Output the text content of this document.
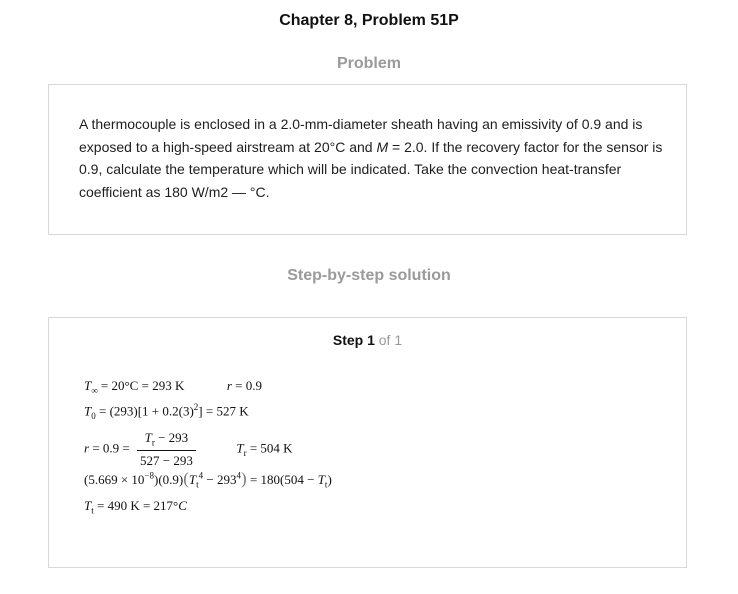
Chapter 8, Problem 51P
Problem
A thermocouple is enclosed in a 2.0-mm-diameter sheath having an emissivity of 0.9 and is exposed to a high-speed airstream at 20°C and M = 2.0. If the recovery factor for the sensor is 0.9, calculate the temperature which will be indicated. Take the convection heat-transfer coefficient as 180 W/m2 — °C.
Step-by-step solution
Step 1 of 1
$T_\infty = 20^\circ C = 293$ K	r = 0.9
$T_0 = (293)[1 + 0.2(3)^2] = 527$ K
$r = 0.9 = \frac{T_r - 293}{527 - 293}$	$T_r = 504$ K
$(5.669 \times 10^{-8})(0.9)(T_t^4 - 293^4) = 180(504 - T_t)$
$T_t = 490$ K = 217°C
